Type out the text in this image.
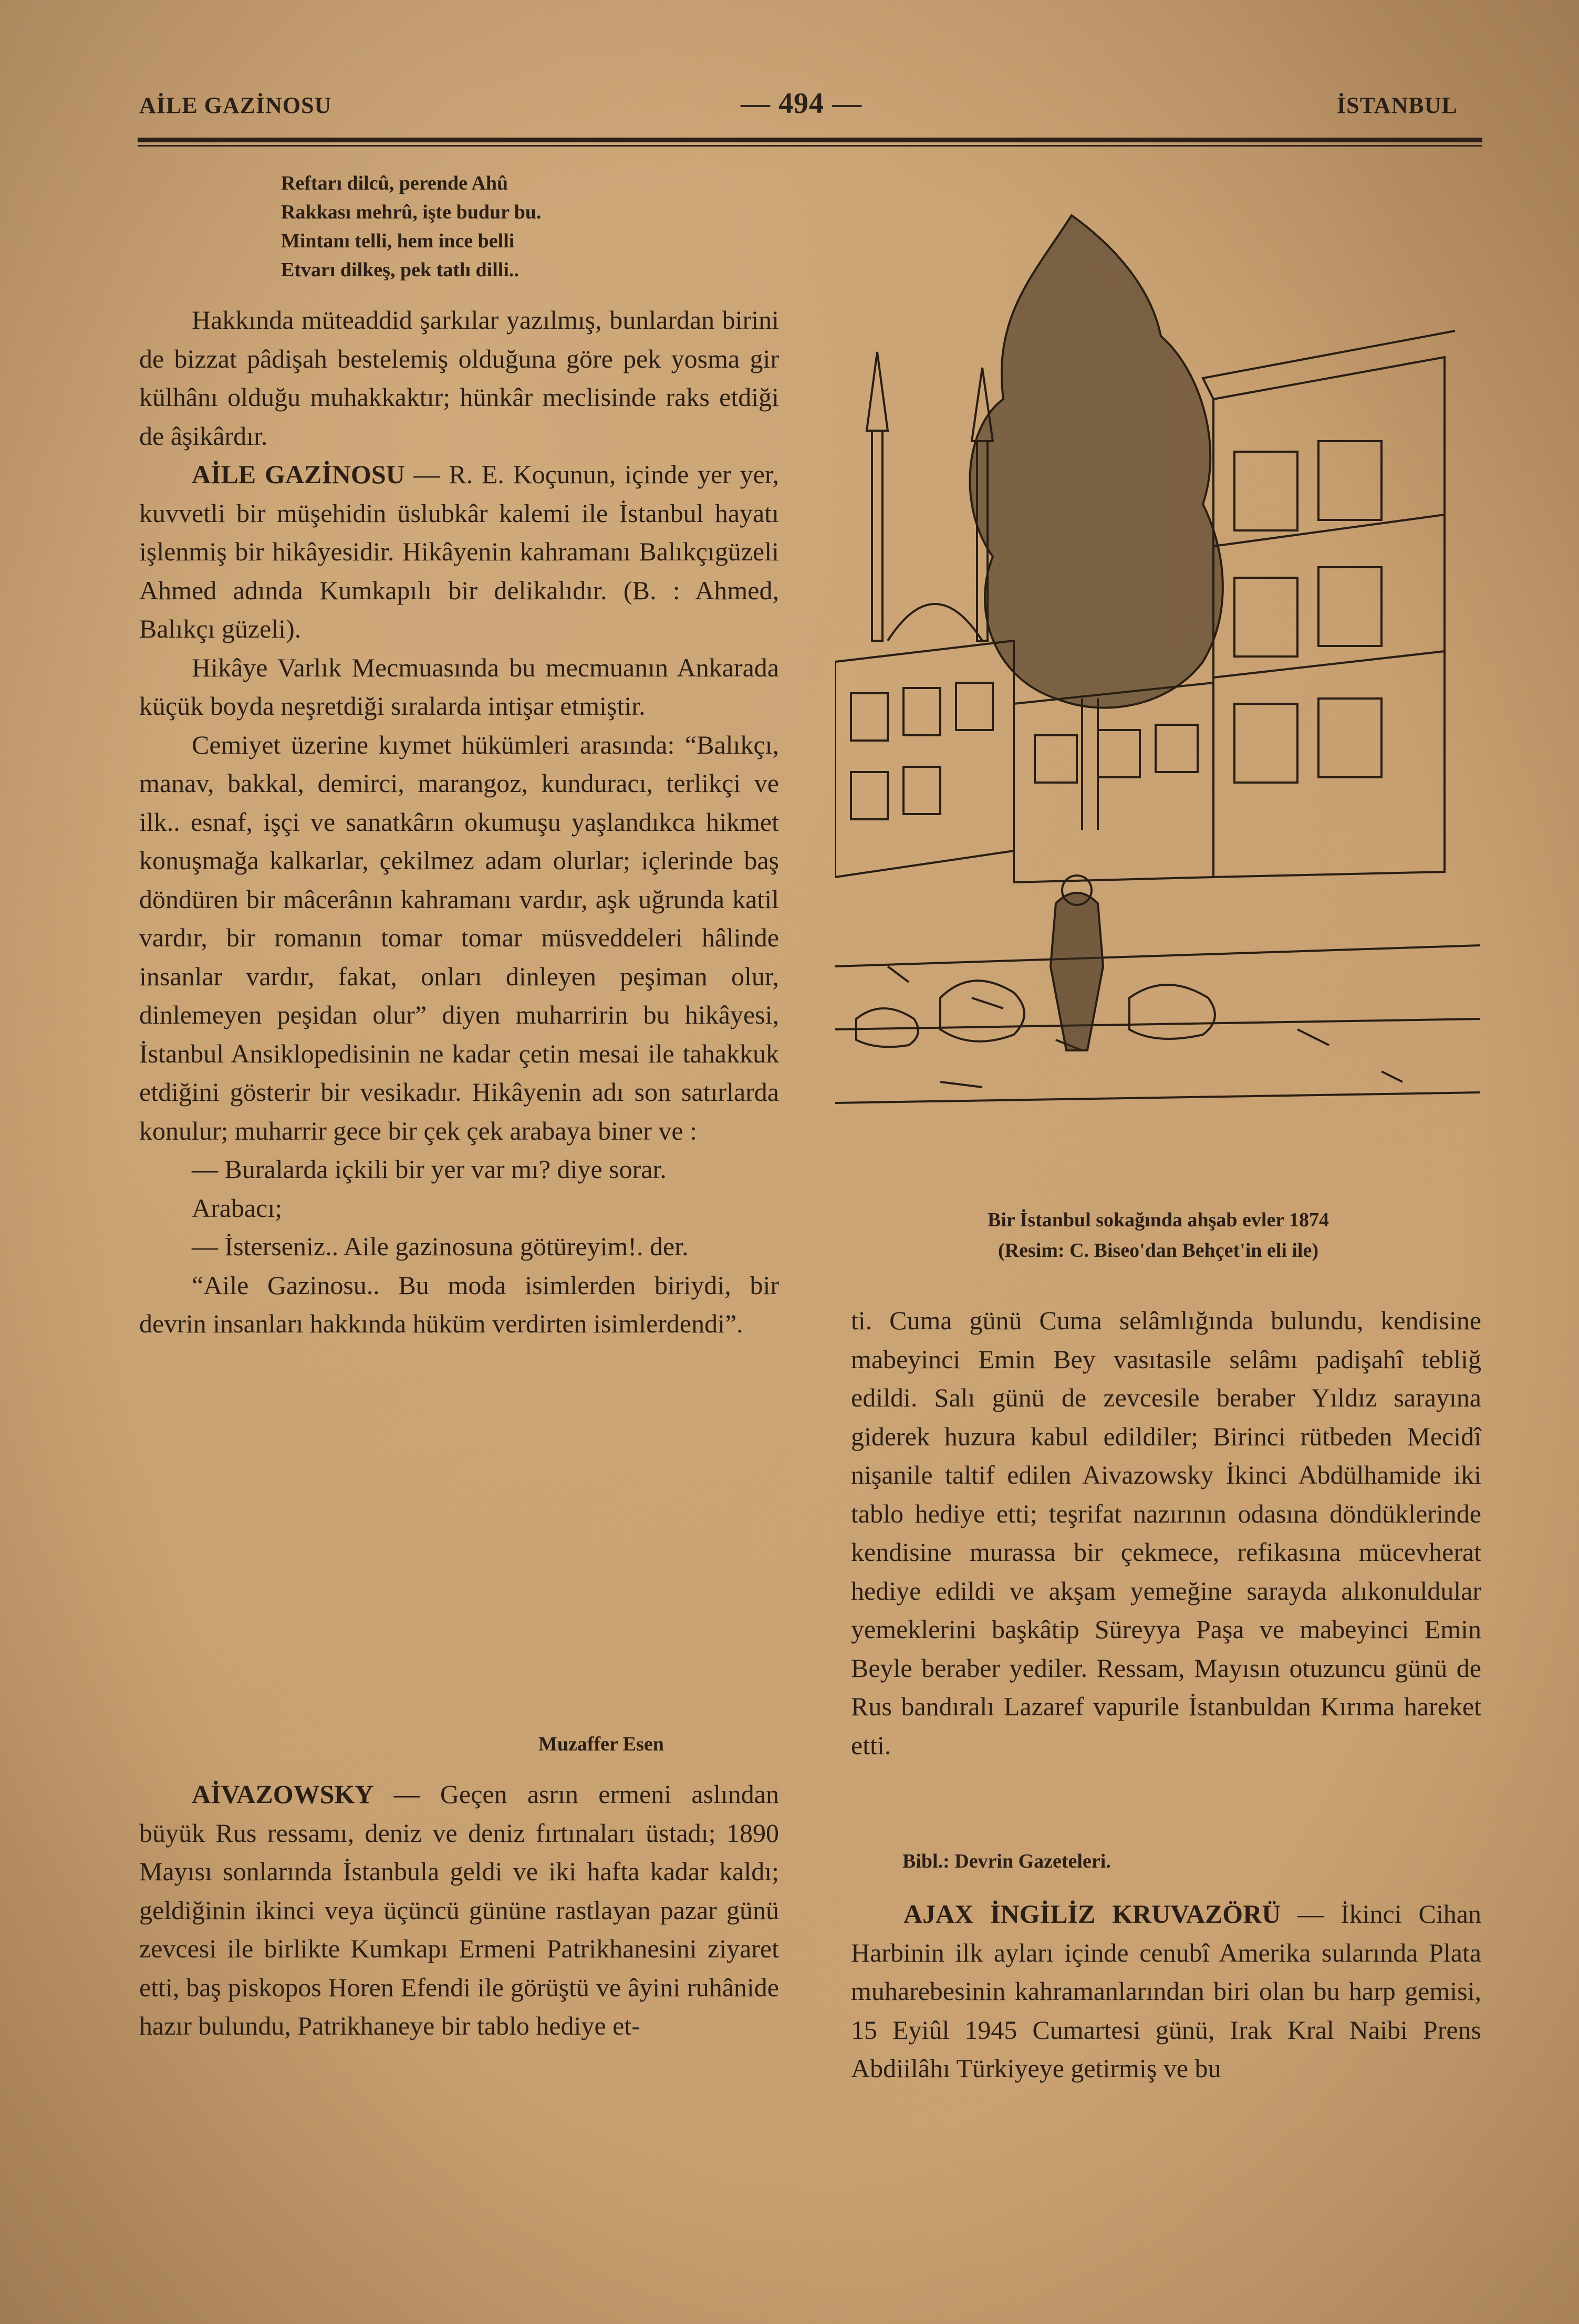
AİLE GAZİNOSU	— 494 —	İSTANBUL
Reftarı dilcû, perende Ahû
Rakkası mehrû, işte budur bu.
Mintanı telli, hem ince belli
Etvarı dilkeş, pek tatlı dilli..

Hakkında müteaddid şarkılar yazılmış, bunlardan birini de bizzat pâdişah bestelemiş olduğuna göre pek yosma gir külhânı olduğu muhakkaktır; hünkâr meclisinde raks etdiği de âşikârdır.

AİLE GAZİNOSU — R. E. Koçunun, içinde yer yer, kuvvetli bir müşehidin üslubkâr kalemi ile İstanbul hayatı işlenmiş bir hikâyesidir. Hikâyenin kahramanı Balıkçıgüzeli Ahmed adında Kumkapılı bir delikalıdır. (B. : Ahmed, Balıkçı güzeli).

Hikâye Varlık Mecmuasında bu mecmuanın Ankarada küçük boyda neşretdiği sıralarda intişar etmiştir.

Cemiyet üzerine kıymet hükümleri arasında: “Balıkçı, manav, bakkal, demirci, marangoz, kunduracı, terlikçi ve ilk.. esnaf, işçi ve sanatkârın okumuşu yaşlandıkca hikmet konuşmağa kalkarlar, çekilmez adam olurlar; içlerinde baş döndüren bir mâcerânın kahramanı vardır, aşk uğrunda katil vardır, bir romanın tomar tomar müsveddeleri hâlinde insanlar vardır, fakat, onları dinleyen peşiman olur, dinlemeyen peşidan olur” diyen muharririn bu hikâyesi, İstanbul Ansiklopedisinin ne kadar çetin mesai ile tahakkuk etdiğini gösterir bir vesikadır. Hikâyenin adı son satırlarda konulur; muharrir gece bir çek çek arabaya biner ve :

— Buralarda içkili bir yer var mı? diye sorar.

Arabacı;

— İsterseniz.. Aile gazinosuna götüreyim!. der.

“Aile Gazinosu.. Bu moda isimlerden biriydi, bir devrin insanları hakkında hüküm verdirten isimlerdendi”.

Muzaffer Esen

AİVAZOWSKY — Geçen asrın ermeni aslından büyük Rus ressamı, deniz ve deniz fırtınaları üstadı; 1890 Mayısı sonlarında İstanbula geldi ve iki hafta kadar kaldı; geldiğinin ikinci veya üçüncü gününe rastlayan pazar günü zevcesi ile birlikte Kumkapı Ermeni Patrikhanesini ziyaret etti, baş piskopos Horen Efendi ile görüştü ve âyini ruhânide hazır bulundu, Patrikhaneye bir tablo hediye et-

Bir İstanbul sokağında ahşab evler 1874
(Resim: C. Biseo'dan Behçet'in eli ile)

ti. Cuma günü Cuma selâmlığında bulundu, kendisine mabeyinci Emin Bey vasıtasile selâmı padişahî tebliğ edildi. Salı günü de zevcesile beraber Yıldız sarayına giderek huzura kabul edildiler; Birinci rütbeden Mecidî nişanile taltif edilen Aivazowsky İkinci Abdülhamide iki tablo hediye etti; teşrifat nazırının odasına döndüklerinde kendisine murassa bir çekmece, refikasına mücevherat hediye edildi ve akşam yemeğine sarayda alıkonuldular yemeklerini başkâtip Süreyya Paşa ve mabeyinci Emin Beyle beraber yediler. Ressam, Mayısın otuzuncu günü de Rus bandıralı Lazaref vapurile İstanbuldan Kırıma hareket etti.

Bibl.: Devrin Gazeteleri.

AJAX İNGİLİZ KRUVAZÖRÜ — İkinci Cihan Harbinin ilk ayları içinde cenubî Amerika sularında Plata muharebesinin kahramanlarından biri olan bu harp gemisi, 15 Eyiûl 1945 Cumartesi günü, Irak Kral Naibi Prens Abdiilâhı Türkiyeye getirmiş ve bu
